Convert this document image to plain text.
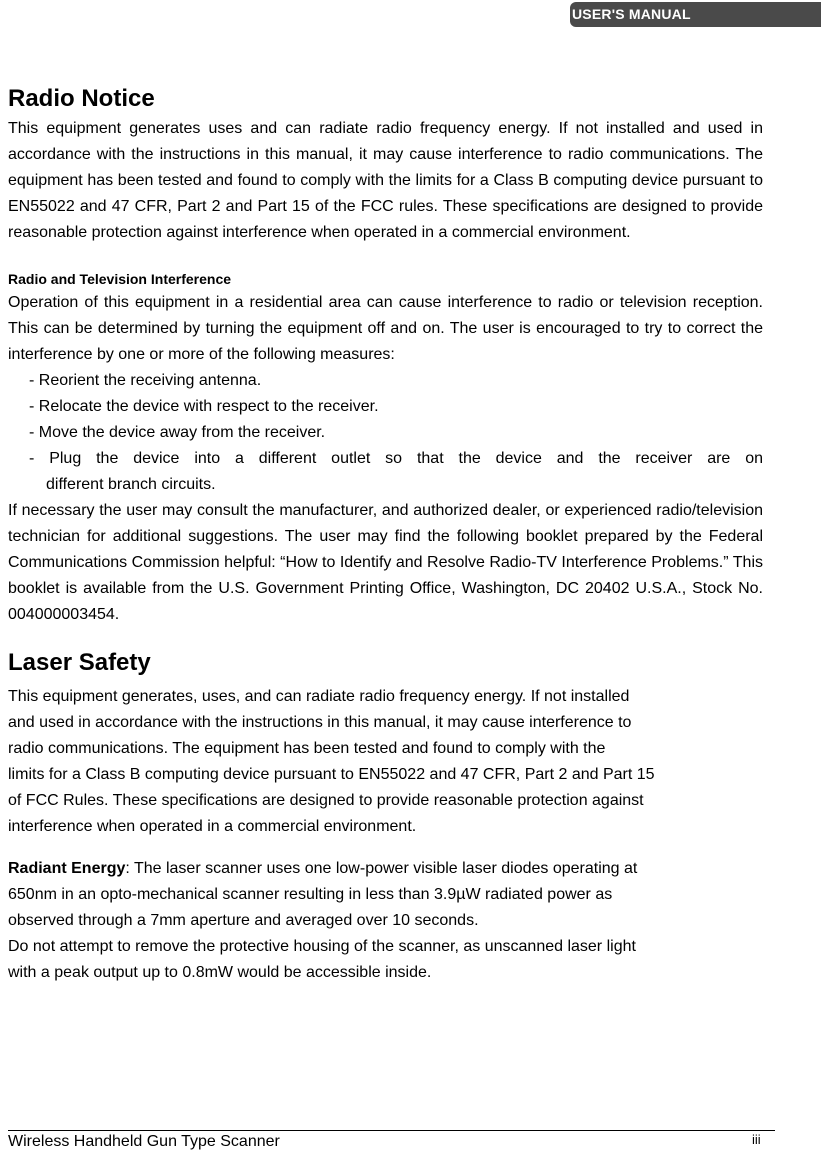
USER'S MANUAL
Radio Notice

This equipment generates uses and can radiate radio frequency energy. If not installed and used in accordance with the instructions in this manual, it may cause interference to radio communications. The equipment has been tested and found to comply with the limits for a Class B computing device pursuant to EN55022 and 47 CFR, Part 2 and Part 15 of the FCC rules. These specifications are designed to provide reasonable protection against interference when operated in a commercial environment.

Radio and Television Interference

Operation of this equipment in a residential area can cause interference to radio or television reception. This can be determined by turning the equipment off and on. The user is encouraged to try to correct the interference by one or more of the following measures:

- Reorient the receiving antenna.
- Relocate the device with respect to the receiver.
- Move the device away from the receiver.
- Plug the device into a different outlet so that the device and the receiver are on
different branch circuits.

If necessary the user may consult the manufacturer, and authorized dealer, or experienced radio/television technician for additional suggestions. The user may find the following booklet prepared by the Federal Communications Commission helpful: “How to Identify and Resolve Radio-TV Interference Problems.” This booklet is available from the U.S. Government Printing Office, Washington, DC 20402 U.S.A., Stock No. 004000003454.

Laser Safety

This equipment generates, uses, and can radiate radio frequency energy. If not installed

and used in accordance with the instructions in this manual, it may cause interference to

radio communications. The equipment has been tested and found to comply with the

limits for a Class B computing device pursuant to EN55022 and 47 CFR, Part 2 and Part 15

of FCC Rules. These specifications are designed to provide reasonable protection against

interference when operated in a commercial environment.

Radiant Energy: The laser scanner uses one low-power visible laser diodes operating at

650nm in an opto-mechanical scanner resulting in less than 3.9µW radiated power as

observed through a 7mm aperture and averaged over 10 seconds.

Do not attempt to remove the protective housing of the scanner, as unscanned laser light

with a peak output up to 0.8mW would be accessible inside.

Wireless Handheld Gun Type Scanner	iii
